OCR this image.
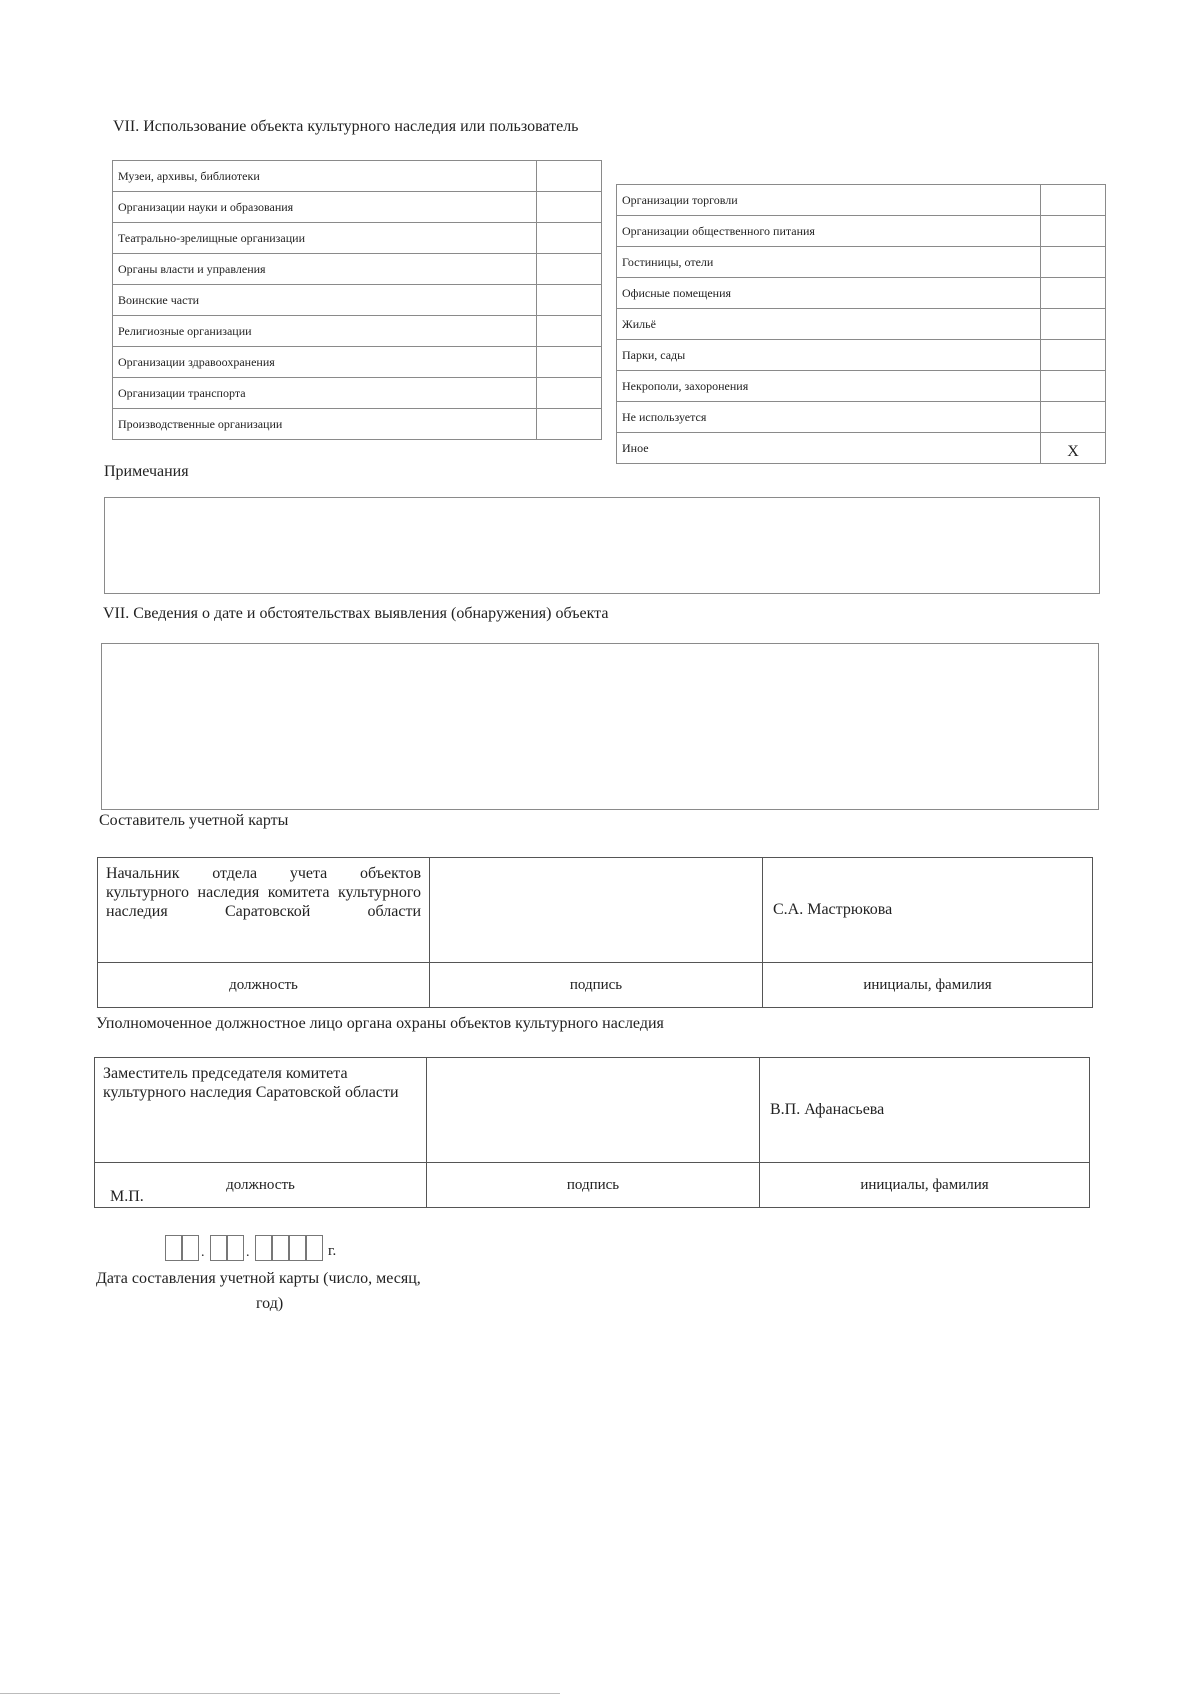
VII. Использование объекта культурного наследия или пользователь
Музеи, архивы, библиотеки	
Организации науки и образования	
Театрально-зрелищные организации	
Органы власти и управления	
Воинские части	
Религиозные организации	
Организации здравоохранения	
Организации транспорта	
Производственные организации	
Организации торговли	
Организации общественного питания	
Гостиницы, отели	
Офисные помещения	
Жильё	
Парки, сады	
Некрополи, захоронения	
Не используется	
Иное	X
Примечания
VII. Сведения о дате и обстоятельствах выявления (обнаружения) объекта
Составитель учетной карты
Начальник отдела учета объектов культурного наследия комитета культурного наследия Саратовской области		С.А. Мастрюкова
должность	подпись	инициалы, фамилия
Уполномоченное должностное лицо органа охраны объектов культурного наследия
Заместитель председателя комитета культурного наследия Саратовской области		В.П. Афанасьева
должность	подпись	инициалы, фамилия
М.П.
.	.	г.
Дата составления учетной карты (число, месяц,
год)
